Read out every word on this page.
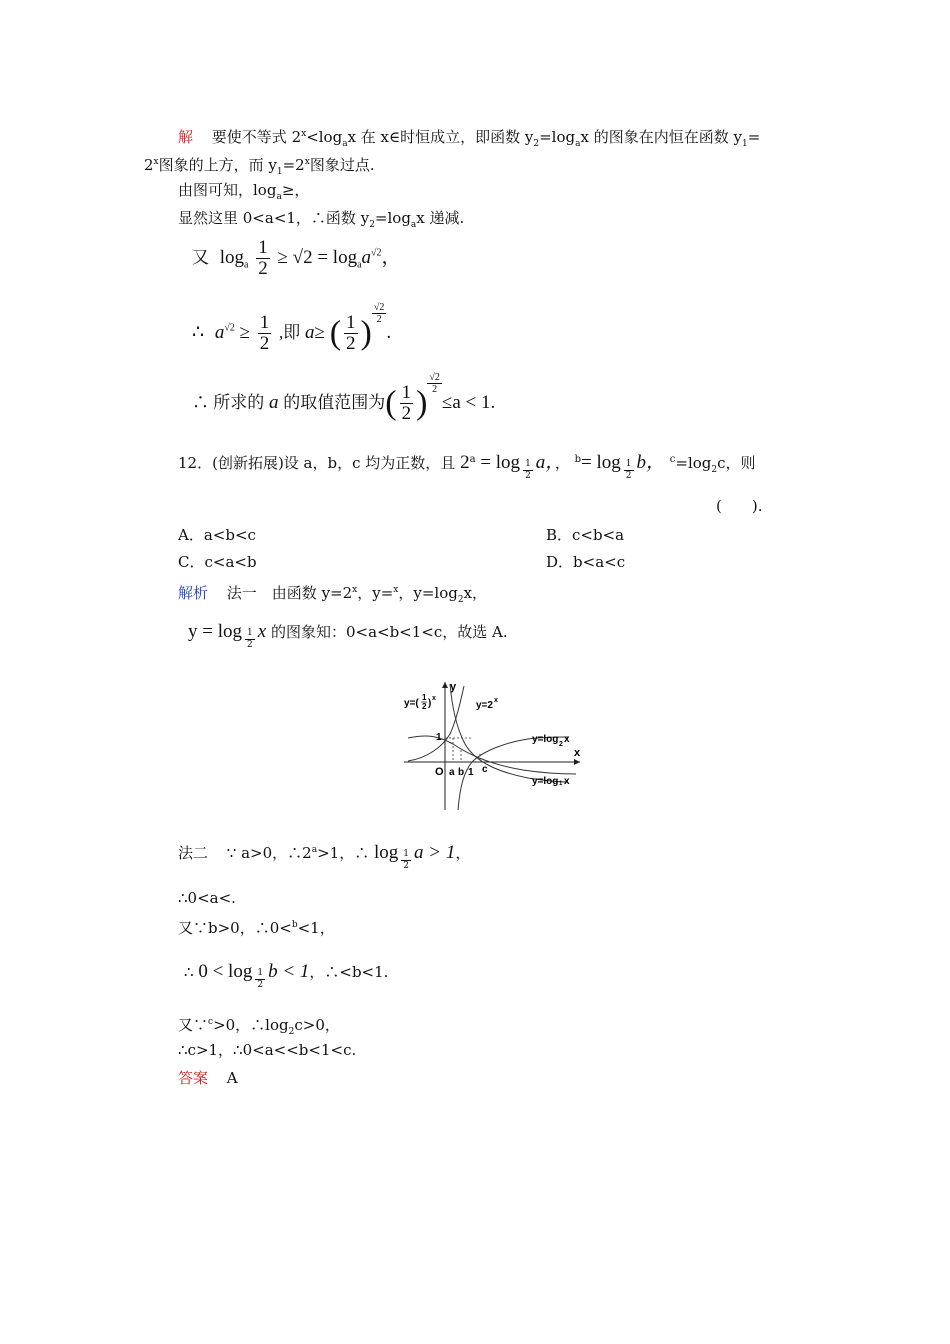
解 要使不等式 $2^x<\log_ax$ 在 x∈时恒成立，即函数 $y_2=\log_ax$ 的图象在内恒在函数 $y_1=$
$2^x$图象的上方，而 $y_1=2^x$图象过点.
由图可知，$\log_a\ge$，
显然这里 0<a<1，∴函数 $y_2=\log_ax$ 递减.
又 $\log_a \frac{1}{2} \ge √2 = \log_aa^{√2}$，
∴ $a^{√2} \ge \frac{1}{2}$ ,即 a≥ ( $\frac{1}{2}$ )
$^{\frac{√2}{2}}$
.
∴ 所求的 a 的取值范围为( $\frac{1}{2}$ )
$^{\frac{√2}{2}}$
≤a < 1.
12．(创新拓展)设 a，b，c 均为正数，且 $2^a = \log \frac{1}{2}$ a，， $^b= \log \frac{1}{2}$ b， $^c=\log_2c$，则
(　　).
A．a<b<c	B．c<b<a
C．c<a<b	D．b<a<c
解析 法一　由函数 $y=2^x$，y=$^x$，$y=\log_2x$，
$y = \log \frac{1}{2}$ x 的图象知：0<a<b<1<c，故选 A.
y
x
O
1
a b 1 c
y=(
1
2 ) x
y=2 x
y=log 2 x
y=log 1 x
法二 ∵ a>0，$\therefore 2^a>1$，∴ $\log \frac{1}{2}$ a > 1，
∴0<a<.
又∵b>0，∴0<$^b$<1，
∴ $0 < \log \frac{1}{2}$ b < 1，∴<b<1.
又∵$^c$>0，$\therefore\log_2c>0$，
∴c>1，∴0<a<<b<1<c.
答案 A
